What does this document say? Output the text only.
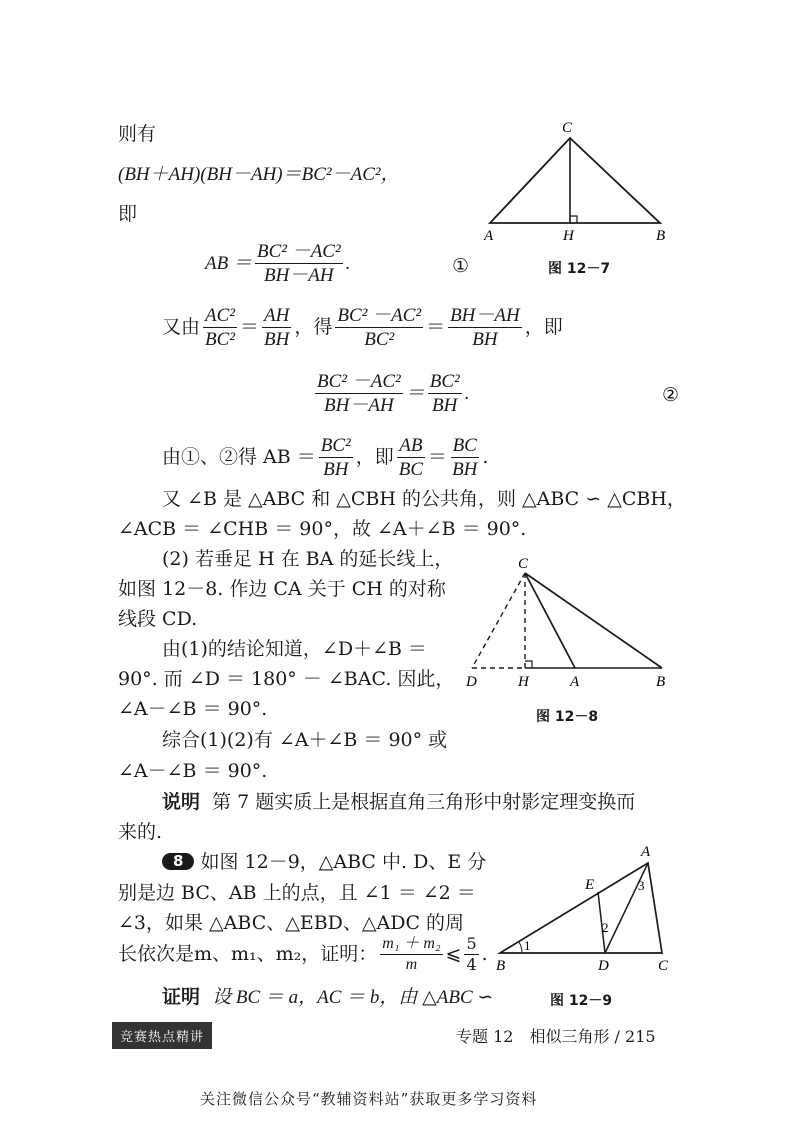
则有
(BH＋AH)(BH－AH)＝BC²－AC²，
即
AB ＝ $\frac{\text{BC² －AC²}}{BH-AH}$ .	①
又由 $\frac{\text{AC²}}{\text{BC²}} = \frac{AH}{BH}$ ，得 $\frac{\text{BC² －AC²}}{\text{BC²}} = \frac{BH-AH}{BH}$ ，即
$\frac{\text{BC² －AC²}}{BH-AH} = \frac{\text{BC²}}{BH}$ .	②
由①、②得 AB ＝ $\frac{\text{BC²}}{BH}$ ，即 $\frac{AB}{BC} = \frac{BC}{BH}$ .
又 ∠B 是 △ABC 和 △CBH 的公共角，则 △ABC ∽ △CBH，
∠ACB ＝ ∠CHB ＝ 90°，故 ∠A＋∠B ＝ 90°.
(2) 若垂足 H 在 BA 的延长线上，
如图 12－8. 作边 CA 关于 CH 的对称
线段 CD.
由(1)的结论知道，∠D＋∠B ＝
90°. 而 ∠D ＝ 180° － ∠BAC. 因此，
∠A－∠B ＝ 90°.
综合(1)(2)有 ∠A＋∠B ＝ 90° 或
∠A－∠B ＝ 90°.
说明 第 7 题实质上是根据直角三角形中射影定理变换而
来的.
8 如图 12－9，△ABC 中. D、E 分
别是边 BC、AB 上的点，且 ∠1 ＝ ∠2 ＝
∠3，如果 △ABC、△EBD、△ADC 的周
长依次是m、m₁、m₂，证明： $\frac{\text{m₁ ＋ m₂}}{m}$ ⩽ $\frac{5}{4}$ .
证明 设 BC ＝ a，AC ＝ b，由 △ABC ∽
C
A	H	B
图 12－7
C
D	H	A	B
图 12－8
A
E
B	D	C
1
2
3
图 12－9
竞赛热点精讲	专题 12　相似三角形 / 215
关注微信公众号“教辅资料站”获取更多学习资料
